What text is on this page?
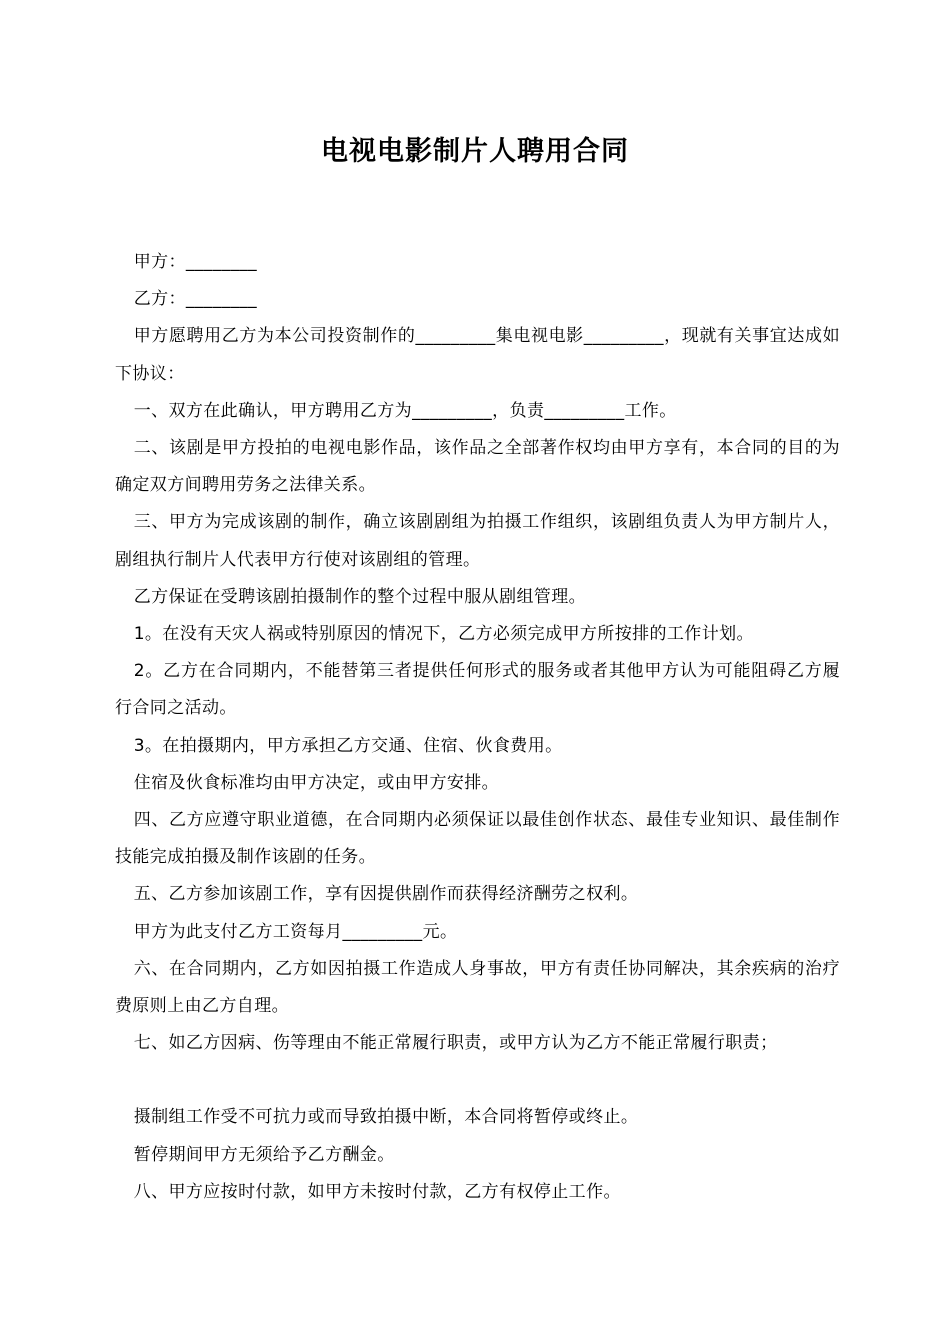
电视电影制片人聘用合同

甲方：________

乙方：________

甲方愿聘用乙方为本公司投资制作的_________集电视电影_________，现就有关事宜达成如下协议：

一、双方在此确认，甲方聘用乙方为_________，负责_________工作。

二、该剧是甲方投拍的电视电影作品，该作品之全部著作权均由甲方享有，本合同的目的为确定双方间聘用劳务之法律关系。

三、甲方为完成该剧的制作，确立该剧剧组为拍摄工作组织，该剧组负责人为甲方制片人，剧组执行制片人代表甲方行使对该剧组的管理。

乙方保证在受聘该剧拍摄制作的整个过程中服从剧组管理。

1。在没有天灾人祸或特别原因的情况下，乙方必须完成甲方所按排的工作计划。

2。乙方在合同期内，不能替第三者提供任何形式的服务或者其他甲方认为可能阻碍乙方履行合同之活动。

3。在拍摄期内，甲方承担乙方交通、住宿、伙食费用。

住宿及伙食标准均由甲方决定，或由甲方安排。

四、乙方应遵守职业道德，在合同期内必须保证以最佳创作状态、最佳专业知识、最佳制作技能完成拍摄及制作该剧的任务。

五、乙方参加该剧工作，享有因提供剧作而获得经济酬劳之权利。

甲方为此支付乙方工资每月_________元。

六、在合同期内，乙方如因拍摄工作造成人身事故，甲方有责任协同解决，其余疾病的治疗费原则上由乙方自理。

七、如乙方因病、伤等理由不能正常履行职责，或甲方认为乙方不能正常履行职责；

摄制组工作受不可抗力或而导致拍摄中断，本合同将暂停或终止。

暂停期间甲方无须给予乙方酬金。

八、甲方应按时付款，如甲方未按时付款，乙方有权停止工作。
